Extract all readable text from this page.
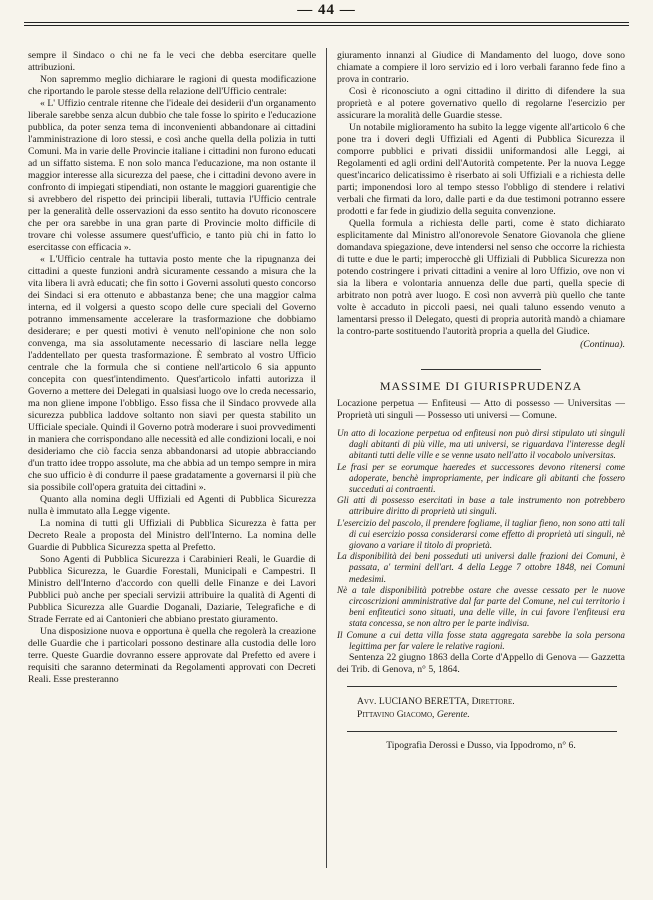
— 44 —

sempre il Sindaco o chi ne fa le veci che debba esercitare quelle attribuzioni.

Non sapremmo meglio dichiarare le ragioni di questa modificazione che riportando le parole stesse della relazione dell'Ufficio centrale:

« L' Uffizio centrale ritenne che l'ideale dei desiderii d'un organamento liberale sarebbe senza alcun dubbio che tale fosse lo spirito e l'educazione pubblica, da poter senza tema di inconvenienti abbandonare ai cittadini l'amministrazione di loro stessi, e così anche quella della polizia in tutti Comuni. Ma in varie delle Provincie italiane i cittadini non furono educati ad un siffatto sistema. E non solo manca l'educazione, ma non ostante il maggior interesse alla sicurezza del paese, che i cittadini devono avere in confronto di impiegati stipendiati, non ostante le maggiori guarentigie che si avrebbero del rispetto dei principii liberali, tuttavia l'Ufficio centrale per la generalità delle osservazioni da esso sentito ha dovuto riconoscere che per ora sarebbe in una gran parte di Provincie molto difficile di trovare chi volesse assumere quest'ufficio, e tanto più chi in fatto lo esercitasse con efficacia ».

« L'Ufficio centrale ha tuttavia posto mente che la ripugnanza dei cittadini a queste funzioni andrà sicuramente cessando a misura che la vita libera li avrà educati; che fin sotto i Governi assoluti questo concorso dei Sindaci si era ottenuto e abbastanza bene; che una maggior calma interna, ed il volgersi a questo scopo delle cure speciali del Governo potranno immensamente accelerare la trasformazione che dobbiamo desiderare; e per questi motivi è venuto nell'opinione che non solo convenga, ma sia assolutamente necessario di lasciare nella legge l'addentellato per questa trasformazione. È sembrato al vostro Ufficio centrale che la formula che si contiene nell'articolo 6 sia appunto concepita con quest'intendimento. Quest'articolo infatti autorizza il Governo a mettere dei Delegati in qualsiasi luogo ove lo creda necessario, ma non gliene impone l'obbligo. Esso fissa che il Sindaco provvede alla sicurezza pubblica laddove soltanto non siavi per questa stabilito un Ufficiale speciale. Quindi il Governo potrà moderare i suoi provvedimenti in maniera che corrispondano alle necessità ed alle condizioni locali, e noi desideriamo che ciò faccia senza abbandonarsi ad utopie abbracciando d'un tratto idee troppo assolute, ma che abbia ad un tempo sempre in mira che suo ufficio è di condurre il paese gradatamente a governarsi il più che sia possibile coll'opera gratuita dei cittadini ».

Quanto alla nomina degli Uffiziali ed Agenti di Pubblica Sicurezza nulla è immutato alla Legge vigente.

La nomina di tutti gli Uffiziali di Pubblica Sicurezza è fatta per Decreto Reale a proposta del Ministro dell'Interno. La nomina delle Guardie di Pubblica Sicurezza spetta al Prefetto.

Sono Agenti di Pubblica Sicurezza i Carabinieri Reali, le Guardie di Pubblica Sicurezza, le Guardie Forestali, Municipali e Campestri. Il Ministro dell'Interno d'accordo con quelli delle Finanze e dei Lavori Pubblici può anche per speciali servizii attribuire la qualità di Agenti di Pubblica Sicurezza alle Guardie Doganali, Daziarie, Telegrafiche e di Strade Ferrate ed ai Cantonieri che abbiano prestato giuramento.

Una disposizione nuova e opportuna è quella che regolerà la creazione delle Guardie che i particolari possono destinare alla custodia delle loro terre. Queste Guardie dovranno essere approvate dal Prefetto ed avere i requisiti che saranno determinati da Regolamenti approvati con Decreti Reali. Esse presteranno

giuramento innanzi al Giudice di Mandamento del luogo, dove sono chiamate a compiere il loro servizio ed i loro verbali faranno fede fino a prova in contrario.

Così è riconosciuto a ogni cittadino il diritto di difendere la sua proprietà e al potere governativo quello di regolarne l'esercizio per assicurare la moralità delle Guardie stesse.

Un notabile miglioramento ha subito la legge vigente all'articolo 6 che pone tra i doveri degli Uffiziali ed Agenti di Pubblica Sicurezza il comporre pubblici e privati dissidii uniformandosi alle Leggi, ai Regolamenti ed agli ordini dell'Autorità competente. Per la nuova Legge quest'incarico delicatissimo è riserbato ai soli Uffiziali e a richiesta delle parti; imponendosi loro al tempo stesso l'obbligo di stendere i relativi verbali che firmati da loro, dalle parti e da due testimoni potranno essere prodotti e far fede in giudizio della seguita convenzione.

Quella formula a richiesta delle parti, come è stato dichiarato esplicitamente dal Ministro all'onorevole Senatore Giovanola che gliene domandava spiegazione, deve intendersi nel senso che occorre la richiesta di tutte e due le parti; imperocchè gli Uffiziali di Pubblica Sicurezza non potendo costringere i privati cittadini a venire al loro Uffizio, ove non vi sia la libera e volontaria annuenza delle due parti, quella specie di arbitrato non potrà aver luogo. E così non avverrà più quello che tante volte è accaduto in piccoli paesi, nei quali taluno essendo venuto a lamentarsi presso il Delegato, questi di propria autorità mandò a chiamare la contro-parte sostituendo l'autorità propria a quella del Giudice.

(Continua).
MASSIME DI GIURISPRUDENZA
Locazione perpetua — Enfiteusi — Atto di possesso — Universitas — Proprietà uti singuli — Possesso uti universi — Comune.

Un atto di locazione perpetua od enfiteusi non può dirsi stipulato uti singuli dagli abitanti di più ville, ma uti universi, se riguardava l'interesse degli abitanti tutti delle ville e se venne usato nell'atto il vocabolo universitas.

Le frasi per se eorumque haeredes et successores devono ritenersi come adoperate, benchè impropriamente, per indicare gli abitanti che fossero succeduti ai contraenti.

Gli atti di possesso esercitati in base a tale instrumento non potrebbero attribuire diritto di proprietà uti singuli.

L'esercizio del pascolo, il prendere fogliame, il tagliar fieno, non sono atti tali di cui esercizio possa considerarsi come effetto di proprietà uti singuli, nè giovano a variare il titolo di proprietà.

La disponibilità dei beni posseduti uti universi dalle frazioni dei Comuni, è passata, a' termini dell'art. 4 della Legge 7 ottobre 1848, nei Comuni medesimi.

Nè a tale disponibilità potrebbe ostare che avesse cessato per le nuove circoscrizioni amministrative dal far parte del Comune, nel cui territorio i beni enfiteutici sono situati, una delle ville, in cui favore l'enfiteusi era stata concessa, se non altro per le parte indivisa.

Il Comune a cui detta villa fosse stata aggregata sarebbe la sola persona legittima per far valere le relative ragioni.

Sentenza 22 giugno 1863 della Corte d'Appello di Genova — Gazzetta dei Trib. di Genova, n° 5, 1864.

Avv. LUCIANO BERETTA, Direttore.
Pittavino Giacomo, Gerente.
Tipografia Derossi e Dusso, via Ippodromo, n° 6.
